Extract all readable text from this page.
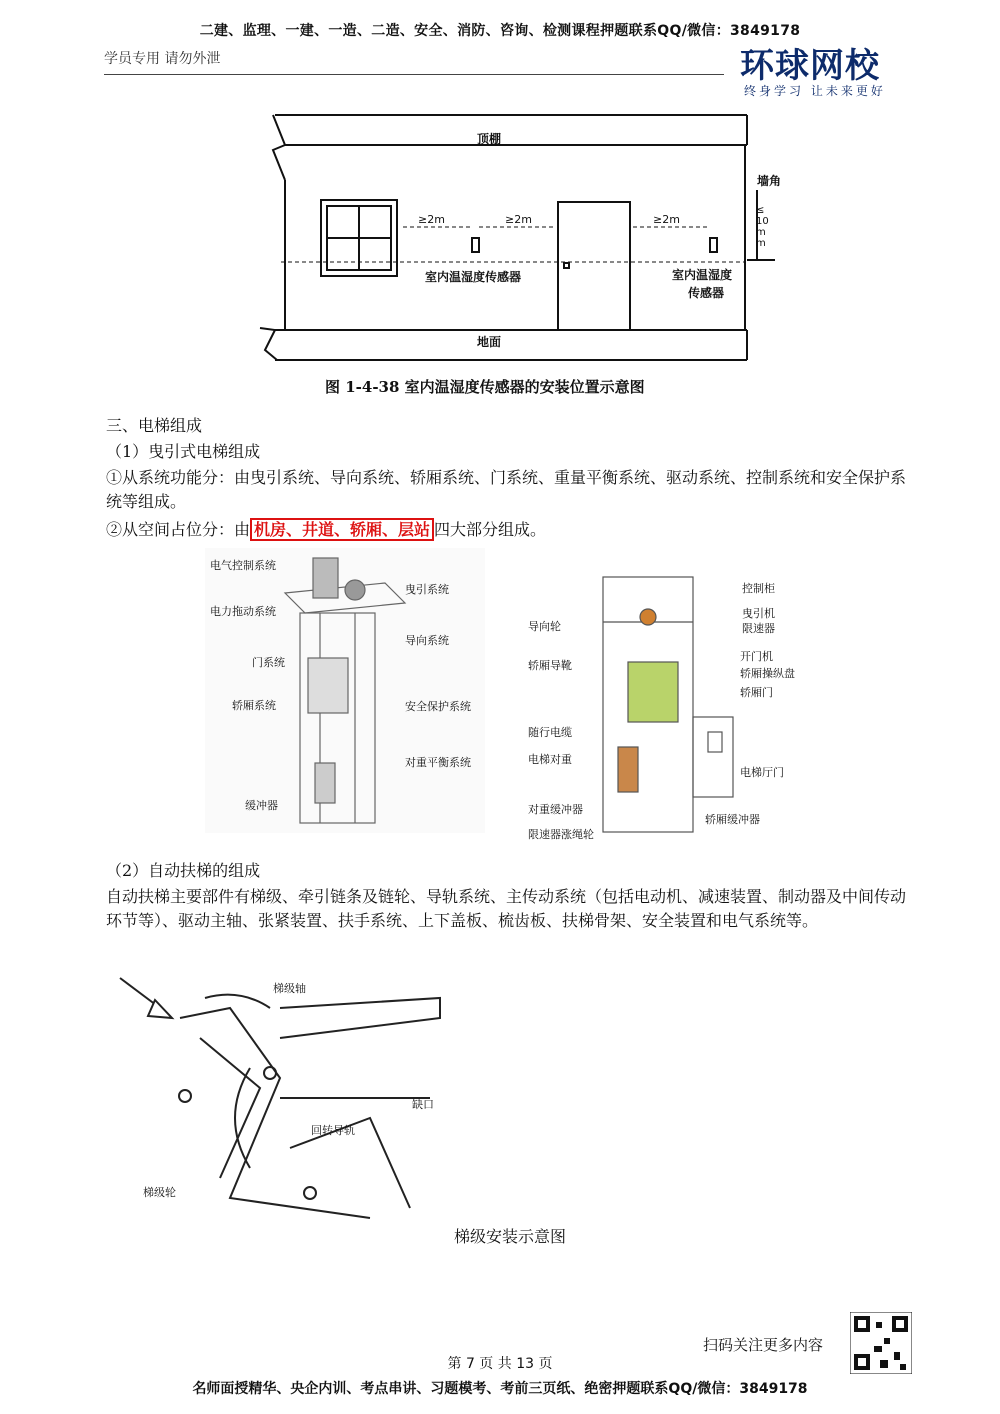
二建、监理、一建、一造、二造、安全、消防、咨询、检测课程押题联系QQ/微信：3849178
学员专用 请勿外泄	环球网校
终身学习 让未来更好
顶棚
地面
墙角
≥2m	≥2m	≥2m
≤10mm
室内温湿度传感器	室内温湿度
传感器
图 1-4-38 室内温湿度传感器的安装位置示意图
三、电梯组成
（1）曳引式电梯组成
①从系统功能分：由曳引系统、导向系统、轿厢系统、门系统、重量平衡系统、驱动系统、控制系统和安全保护系统等组成。
②从空间占位分：由 机房、井道、轿厢、层站 四大部分组成。
电气控制系统
曳引系统
电力拖动系统
导向系统
门系统
轿厢系统	安全保护系统
对重平衡系统
缓冲器
控制柜
曳引机
限速器
开门机
轿厢操纵盘
轿厢门
电梯厅门
轿厢缓冲器
导向轮
轿厢导靴
随行电缆
电梯对重
对重缓冲器
限速器涨绳轮
（2）自动扶梯的组成
自动扶梯主要部件有梯级、牵引链条及链轮、导轨系统、主传动系统（包括电动机、减速装置、制动器及中间传动环节等）、驱动主轴、张紧装置、扶手系统、上下盖板、梳齿板、扶梯骨架、安全装置和电气系统等。
梯级轴
缺口
回转导轨
梯级轮
梯级安装示意图
扫码关注更多内容
第 7 页 共 13 页
名师面授精华、央企内训、考点串讲、习题模考、考前三页纸、绝密押题联系QQ/微信：3849178
